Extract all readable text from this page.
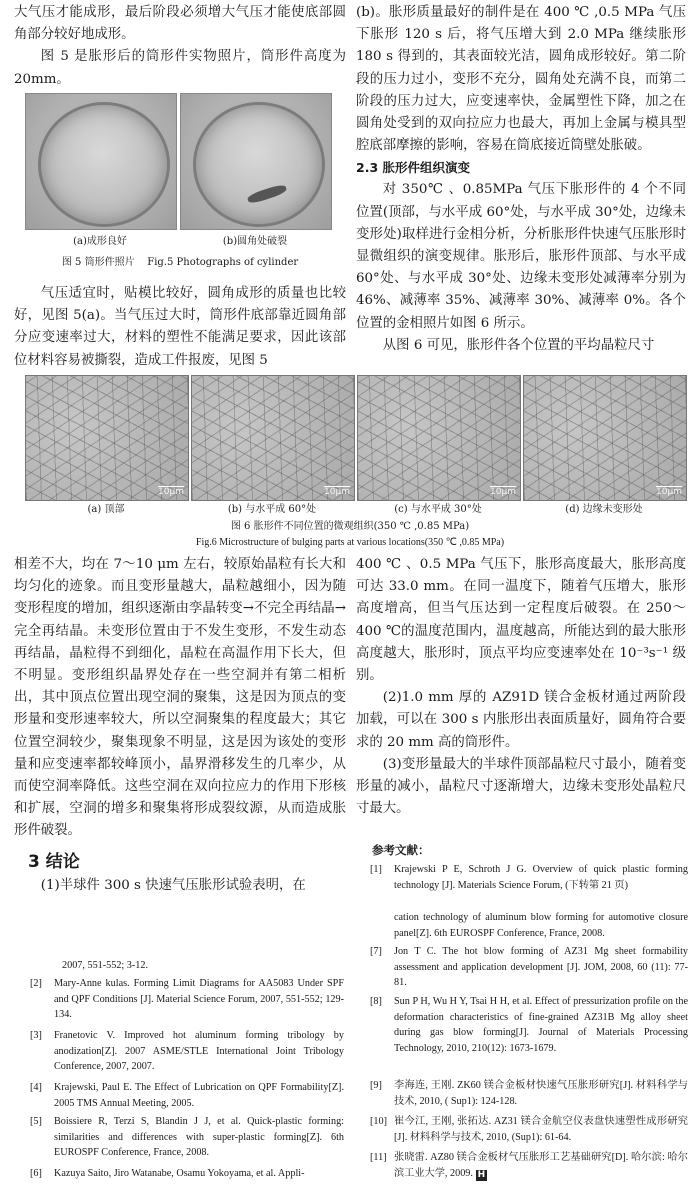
大气压才能成形，最后阶段必须增大气压才能使底部圆角部分较好地成形。

图 5 是胀形后的筒形件实物照片，筒形件高度为 20mm。

(a)成形良好	(b)圆角处破裂
图 5 筒形件照片    Fig.5 Photographs of cylinder

气压适宜时，贴模比较好，圆角成形的质量也比较好，见图 5(a)。当气压过大时，筒形件底部靠近圆角部分应变速率过大，材料的塑性不能满足要求，因此该部位材料容易被撕裂，造成工件报废，见图 5

(b)。胀形质量最好的制件是在 400 ℃ ,0.5 MPa 气压下胀形 120 s 后，将气压增大到 2.0 MPa 继续胀形 180 s 得到的，其表面较光洁，圆角成形较好。第二阶段的压力过小，变形不充分，圆角处充满不良，而第二阶段的压力过大，应变速率快，金属塑性下降，加之在圆角处受到的双向拉应力也最大，再加上金属与模具型腔底部摩擦的影响，容易在筒底接近筒壁处胀破。

2.3 胀形件组织演变

对 350℃ 、0.85MPa 气压下胀形件的 4 个不同位置(顶部，与水平成 60°处，与水平成 30°处，边缘未变形处)取样进行金相分析，分析胀形件快速气压胀形时显微组织的演变规律。胀形后，胀形件顶部、与水平成 60°处、与水平成 30°处、边缘未变形处减薄率分别为 46%、减薄率 35%、减薄率 30%、减薄率 0%。各个位置的金相照片如图 6 所示。

从图 6 可见，胀形件各个位置的平均晶粒尺寸

10μm	10μm	10μm	10μm
(a) 顶部	(b) 与水平成 60°处	(c) 与水平成 30°处	(d) 边缘未变形处
图 6 胀形件不同位置的微观组织(350 ℃ ,0.85 MPa)
Fig.6 Microstructure of bulging parts at various locations(350 ℃ ,0.85 MPa)

相差不大，均在 7～10 μm 左右，较原始晶粒有长大和均匀化的迹象。而且变形量越大，晶粒越细小，因为随变形程度的增加，组织逐渐由孪晶转变→不完全再结晶→完全再结晶。未变形位置由于不发生变形，不发生动态再结晶，晶粒得不到细化，晶粒在高温作用下长大，但不明显。变形组织晶界处存在一些空洞并有第二相析出，其中顶点位置出现空洞的聚集，这是因为顶点的变形量和变形速率较大，所以空洞聚集的程度最大；其它位置空洞较少，聚集现象不明显，这是因为该处的变形量和应变速率都较峰顶小，晶界滑移发生的几率少，从而使空洞率降低。这些空洞在双向拉应力的作用下形核和扩展，空洞的增多和聚集将形成裂纹源，从而造成胀形件破裂。

3 结论

(1)半球件 300 s 快速气压胀形试验表明，在

400 ℃ 、0.5 MPa 气压下，胀形高度最大，胀形高度可达 33.0 mm。在同一温度下，随着气压增大，胀形高度增高，但当气压达到一定程度后破裂。在 250～400 ℃的温度范围内，温度越高，所能达到的最大胀形高度越大，胀形时，顶点平均应变速率处在 10⁻³s⁻¹ 级别。

(2)1.0 mm 厚的 AZ91D 镁合金板材通过两阶段加载，可以在 300 s 内胀形出表面质量好，圆角符合要求的 20 mm 高的筒形件。

(3)变形量最大的半球件顶部晶粒尺寸最小，随着变形量的减小，晶粒尺寸逐渐增大，边缘未变形处晶粒尺寸最大。

参考文献：
[1] Krajewski P E, Schroth J G. Overview of quick plastic forming technology [J]. Materials Science Forum, (下转第 21 页)
2007, 551-552; 3-12.
[2] Mary-Anne kulas. Forming Limit Diagrams for AA5083 Under SPF and QPF Conditions [J]. Material Science Forum, 2007, 551-552; 129-134.
[3] Franetovic V. Improved hot aluminum forming tribology by anodization[Z]. 2007 ASME/STLE International Joint Tribology Conference, 2007, 2007.
[4] Krajewski, Paul E. The Effect of Lubrication on QPF Formability[Z]. 2005 TMS Annual Meeting, 2005.
[5] Boissiere R, Terzi S, Blandin J J, et al. Quick-plastic forming: similarities and differences with super-plastic forming[Z]. 6th EUROSPF Conference, France, 2008.
[6] Kazuya Saito, Jiro Watanabe, Osamu Yokoyama, et al. Appli-
cation technology of aluminum blow forming for automotive closure panel[Z]. 6th EUROSPF Conference, France, 2008.
[7] Jon T C. The hot blow forming of AZ31 Mg sheet formability assessment and application development [J]. JOM, 2008, 60 (11): 77-81.
[8] Sun P H, Wu H Y, Tsai H H, et al. Effect of pressurization profile on the deformation characteristics of fine-grained AZ31B Mg alloy sheet during gas blow forming[J]. Journal of Materials Processing Technology, 2010, 210(12): 1673-1679.
[9] 李海连, 王刚. ZK60 镁合金板材快速气压胀形研究[J]. 材料科学与技术, 2010, ( Sup1): 124-128.
[10] 崔今江, 王刚, 张拓达. AZ31 镁合金航空仪表盘快速塑性成形研究[J]. 材料科学与技术, 2010, (Sup1): 61-64.
[11] 张晓雷. AZ80 镁合金板材气压胀形工艺基础研究[D]. 哈尔滨: 哈尔滨工业大学, 2009. H
